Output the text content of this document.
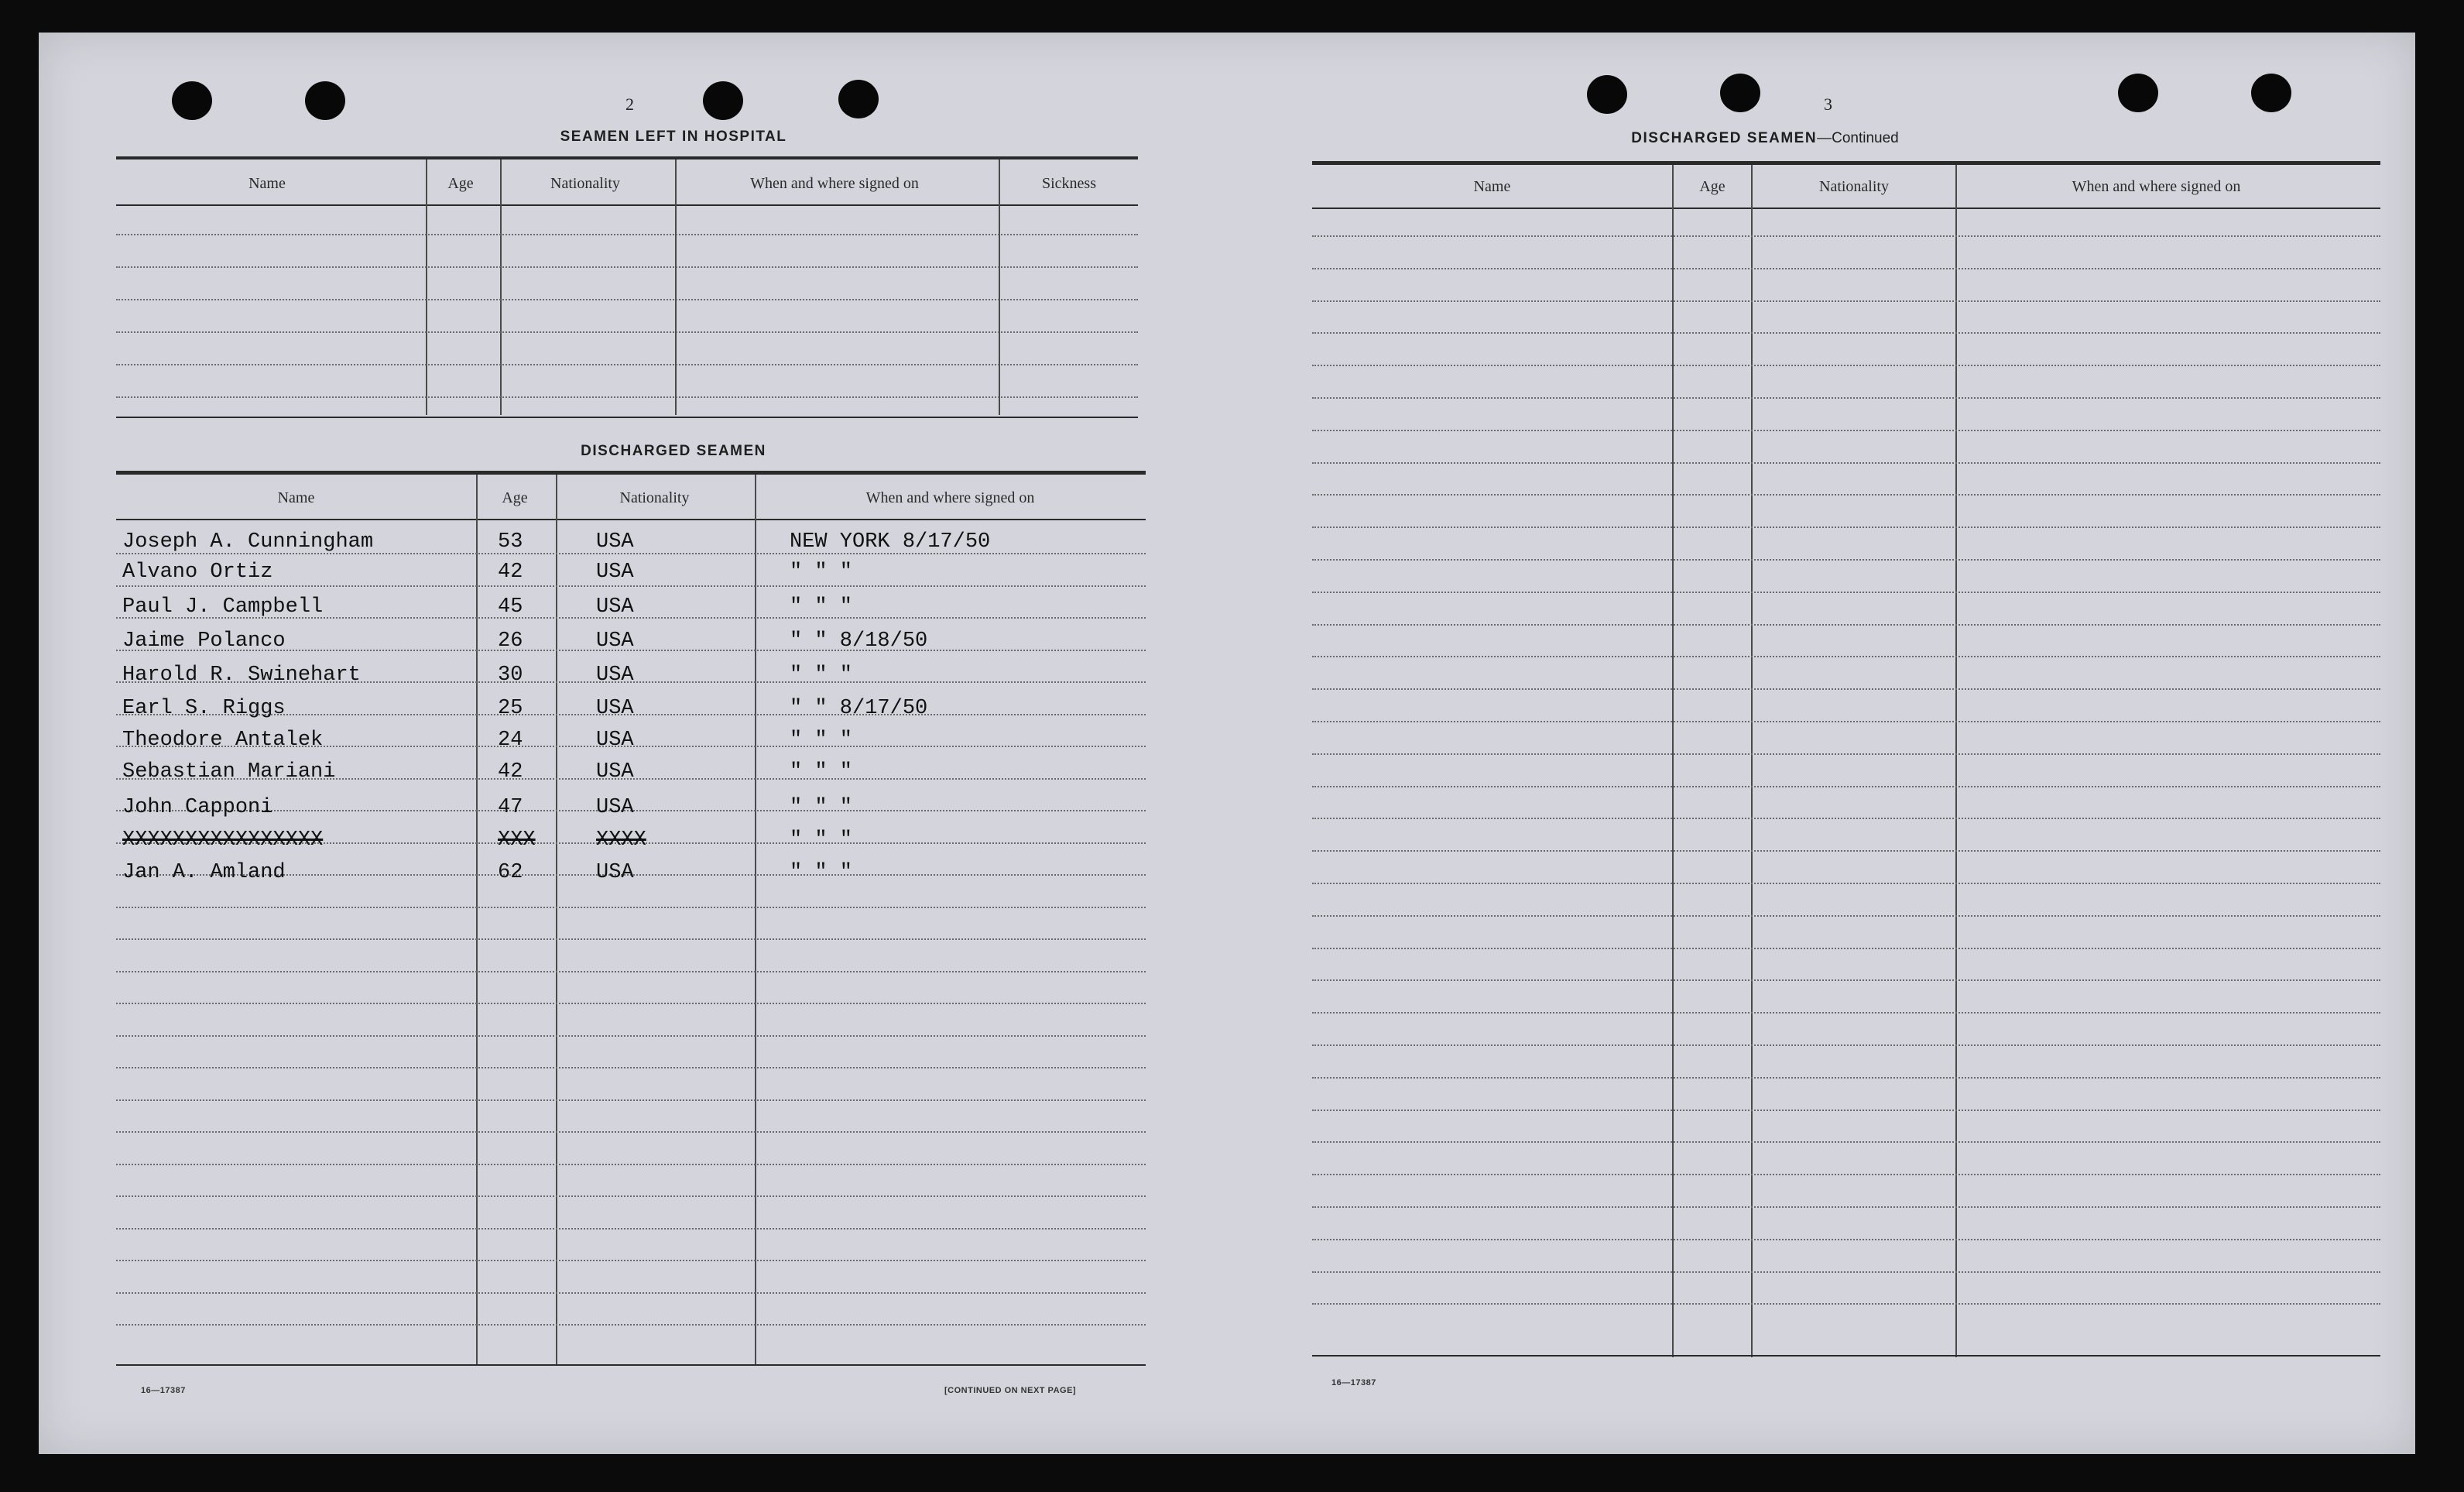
2
SEAMEN LEFT IN HOSPITAL
Name	Age	Nationality	When and where signed on	Sickness
DISCHARGED SEAMEN
Name	Age	Nationality	When and where signed on
Joseph A. Cunningham	53	USA	NEW YORK 8/17/50
Alvano Ortiz	42	USA	" " "
Paul J. Campbell	45	USA	" " "
Jaime Polanco	26	USA	" " 8/18/50
Harold R. Swinehart	30	USA	" " "
Earl S. Riggs	25	USA	" " 8/17/50
Theodore Antalek	24	USA	" " "
Sebastian Mariani	42	USA	" " "
John Capponi	47	USA	" " "
XXXXXXXXXXXXXXXX	XXX	XXXX	" " "
Jan A. Amland	62	USA	" " "
16—17387	[CONTINUED ON NEXT PAGE]
3
DISCHARGED SEAMEN—Continued
Name	Age	Nationality	When and where signed on
16—17387
